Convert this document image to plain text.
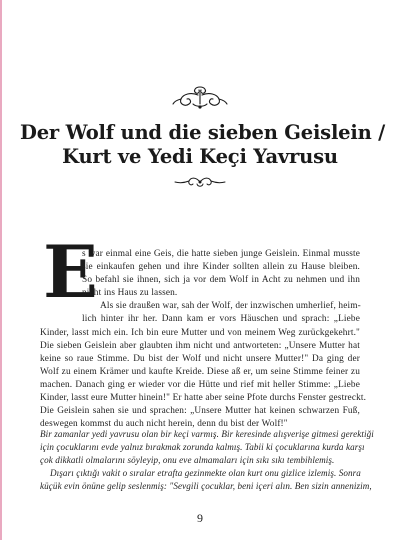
Der Wolf und die sieben Geislein /
Kurt ve Yedi Keçi Yavrusu
E
s war einmal eine Geis, die hatte sieben junge Geislein. Einmal musste
sie einkaufen gehen und ihre Kinder sollten allein zu Hause bleiben.
So befahl sie ihnen, sich ja vor dem Wolf in Acht zu nehmen und ihn
nicht ins Haus zu lassen.
Als sie draußen war, sah der Wolf, der inzwischen umherlief, heim-
lich hinter ihr her. Dann kam er vors Häuschen und sprach: „Liebe
Kinder, lasst mich ein. Ich bin eure Mutter und von meinem Weg zurückgekehrt."
Die sieben Geislein aber glaubten ihm nicht und antworteten: „Unsere Mutter hat
keine so raue Stimme. Du bist der Wolf und nicht unsere Mutter!" Da ging der
Wolf zu einem Krämer und kaufte Kreide. Diese aß er, um seine Stimme feiner zu
machen. Danach ging er wieder vor die Hütte und rief mit heller Stimme: „Liebe
Kinder, lasst eure Mutter hinein!" Er hatte aber seine Pfote durchs Fenster gestreckt.
Die Geislein sahen sie und sprachen: „Unsere Mutter hat keinen schwarzen Fuß,
deswegen kommst du auch nicht herein, denn du bist der Wolf!"
Bir zamanlar yedi yavrusu olan bir keçi varmış. Bir keresinde alışverişe gitmesi gerektiği
için çocuklarını evde yalnız bırakmak zorunda kalmış. Tabii ki çocuklarına kurda karşı
çok dikkatli olmalarını söyleyip, onu eve almamaları için sıkı sıkı tembihlemiş.
Dışarı çıktığı vakit o sıralar etrafta gezinmekte olan kurt onu gizlice izlemiş. Sonra
küçük evin önüne gelip seslenmiş: "Sevgili çocuklar, beni içeri alın. Ben sizin annenizim,
9
